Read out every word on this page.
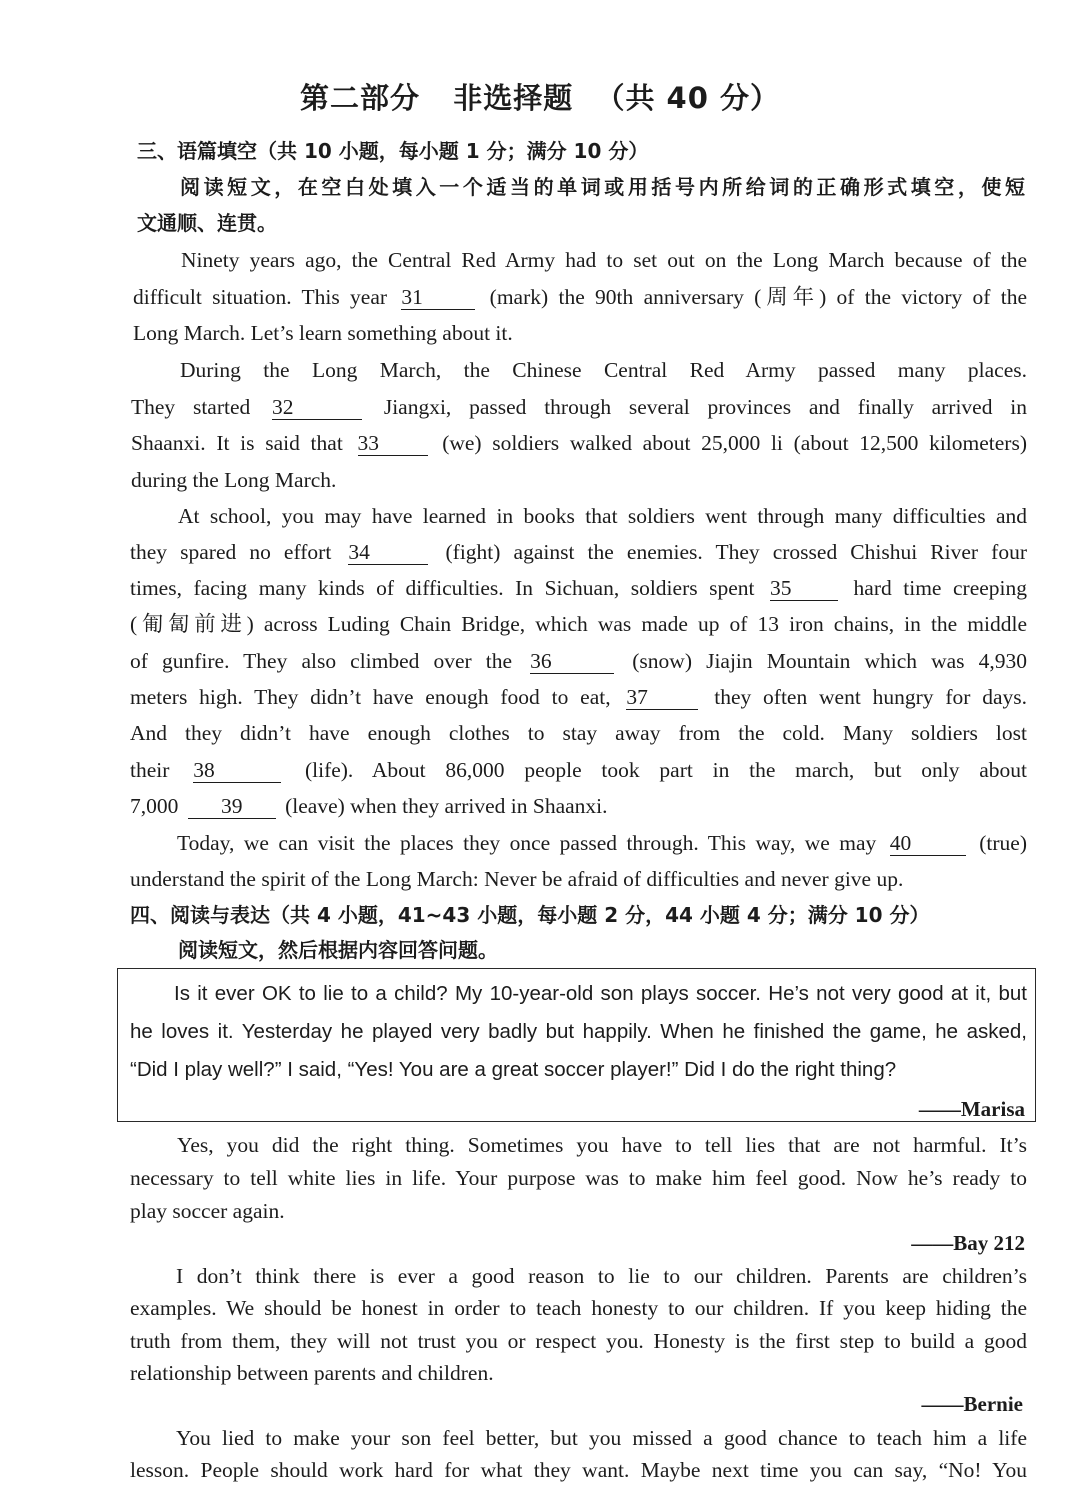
第二部分   非选择题  （共 40 分）
三、语篇填空（共 10 小题，每小题 1 分；满分 10 分）
阅读短文，在空白处填入一个适当的单词或用括号内所给词的正确形式填空，使短
文通顺、连贯。
Ninety years ago, the Central Red Army had to set out on the Long March because of the
difficult situation. This year 31	(mark) the 90th anniversary (周年) of the victory of the
Long March. Let’s learn something about it.
During the Long March, the Chinese Central Red Army passed many places.
They started 32	Jiangxi, passed through several provinces and finally arrived in
Shaanxi. It is said that 33	(we) soldiers walked about 25,000 li (about 12,500 kilometers)
during the Long March.
At school, you may have learned in books that soldiers went through many difficulties and
they spared no effort 34	(fight) against the enemies. They crossed Chishui River four
times, facing many kinds of difficulties. In Sichuan, soldiers spent 35	hard time creeping
(匍匐前进) across Luding Chain Bridge, which was made up of 13 iron chains, in the middle
of gunfire. They also climbed over the 36	(snow) Jiajin Mountain which was 4,930
meters high. They didn’t have enough food to eat, 37	they often went hungry for days.
And they didn’t have enough clothes to stay away from the cold. Many soldiers lost
their 38	(life). About 86,000 people took part in the march, but only about
7,000 39 (leave) when they arrived in Shaanxi.
Today, we can visit the places they once passed through. This way, we may 40	(true)
understand the spirit of the Long March: Never be afraid of difficulties and never give up.
四、阅读与表达（共 4 小题，41~43 小题，每小题 2 分，44 小题 4 分；满分 10 分）
阅读短文，然后根据内容回答问题。
Is it ever OK to lie to a child? My 10-year-old son plays soccer. He’s not very good at it, but
he loves it. Yesterday he played very badly but happily. When he finished the game, he asked,
“Did I play well?” I said, “Yes! You are a great soccer player!” Did I do the right thing?
——Marisa
Yes, you did the right thing. Sometimes you have to tell lies that are not harmful. It’s
necessary to tell white lies in life. Your purpose was to make him feel good. Now he’s ready to
play soccer again.
——Bay 212
I don’t think there is ever a good reason to lie to our children. Parents are children’s
examples. We should be honest in order to teach honesty to our children. If you keep hiding the
truth from them, they will not trust you or respect you. Honesty is the first step to build a good
relationship between parents and children.
——Bernie
You lied to make your son feel better, but you missed a good chance to teach him a life
lesson. People should work hard for what they want. Maybe next time you can say, “No! You
